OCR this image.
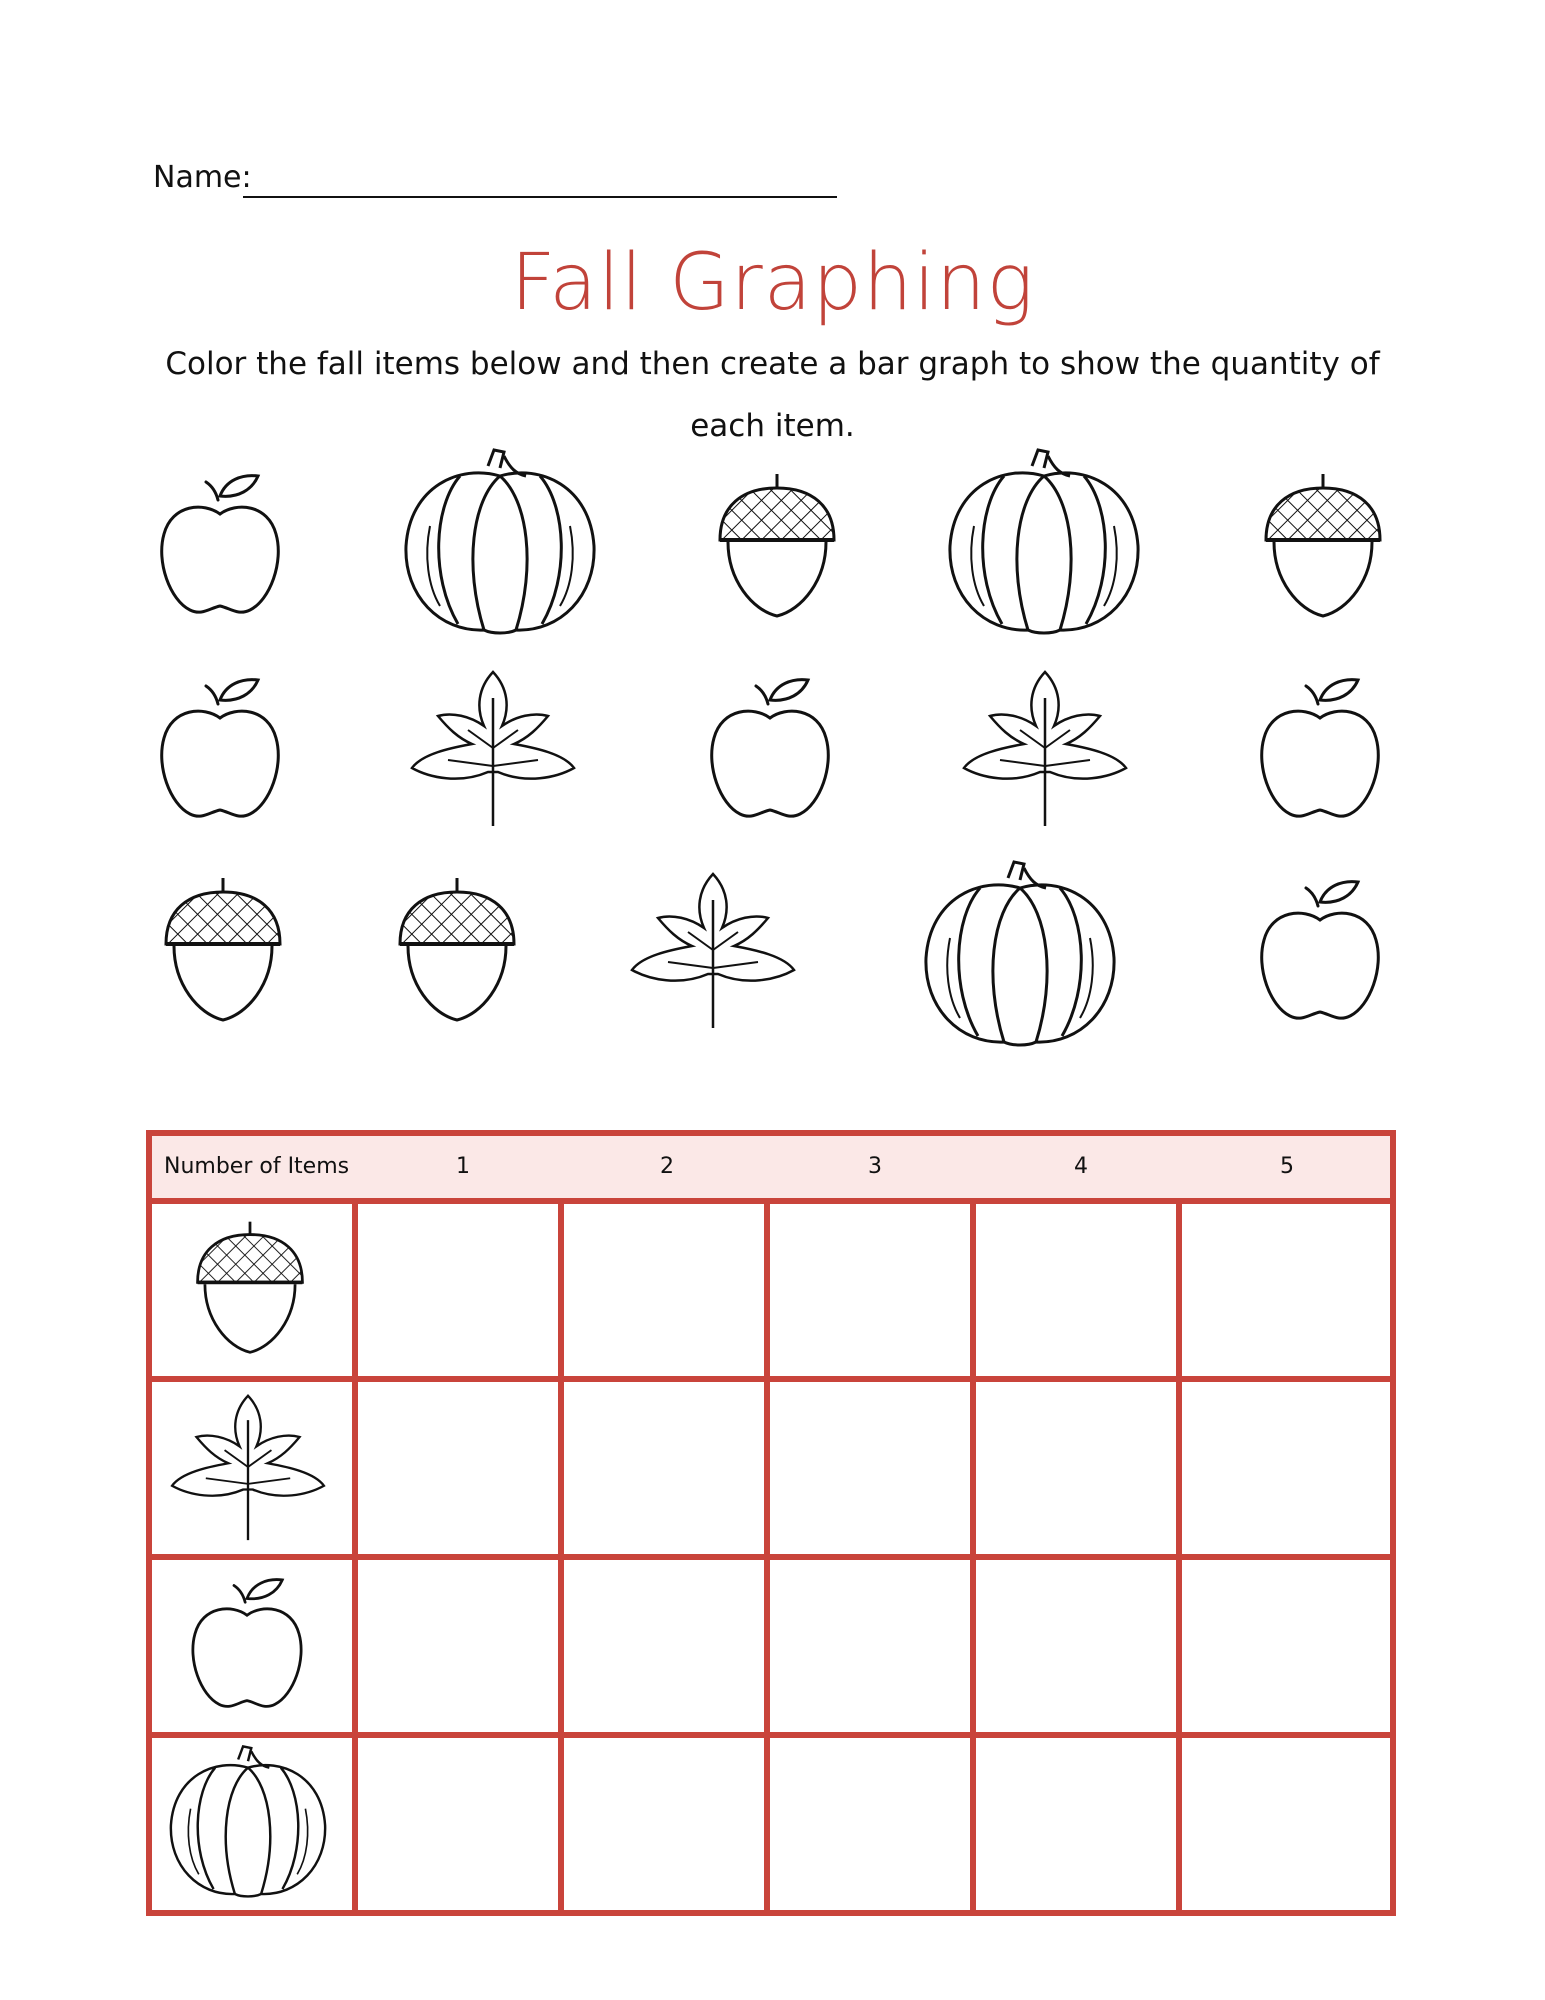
Name:
Fall Graphing
Color the fall items below and then create a bar graph to show the quantity of each item.
Number of Items	1	2	3	4	5
